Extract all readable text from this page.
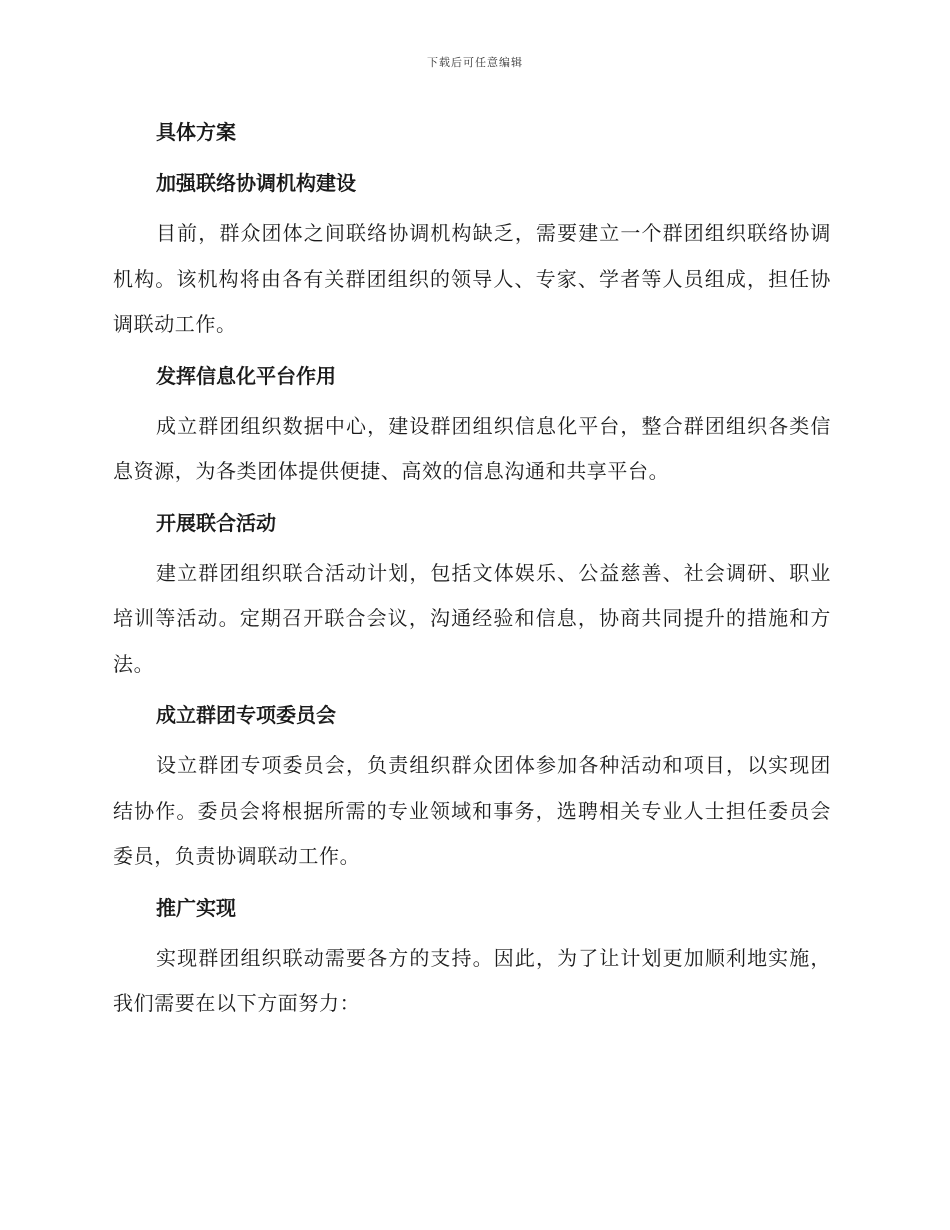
下载后可任意编辑
具体方案
加强联络协调机构建设
目前，群众团体之间联络协调机构缺乏，需要建立一个群团组织联络协调机构。该机构将由各有关群团组织的领导人、专家、学者等人员组成，担任协调联动工作。
发挥信息化平台作用
成立群团组织数据中心，建设群团组织信息化平台，整合群团组织各类信息资源，为各类团体提供便捷、高效的信息沟通和共享平台。
开展联合活动
建立群团组织联合活动计划，包括文体娱乐、公益慈善、社会调研、职业培训等活动。定期召开联合会议，沟通经验和信息，协商共同提升的措施和方法。
成立群团专项委员会
设立群团专项委员会，负责组织群众团体参加各种活动和项目，以实现团结协作。委员会将根据所需的专业领域和事务，选聘相关专业人士担任委员会委员，负责协调联动工作。
推广实现
实现群团组织联动需要各方的支持。因此，为了让计划更加顺利地实施，我们需要在以下方面努力：
